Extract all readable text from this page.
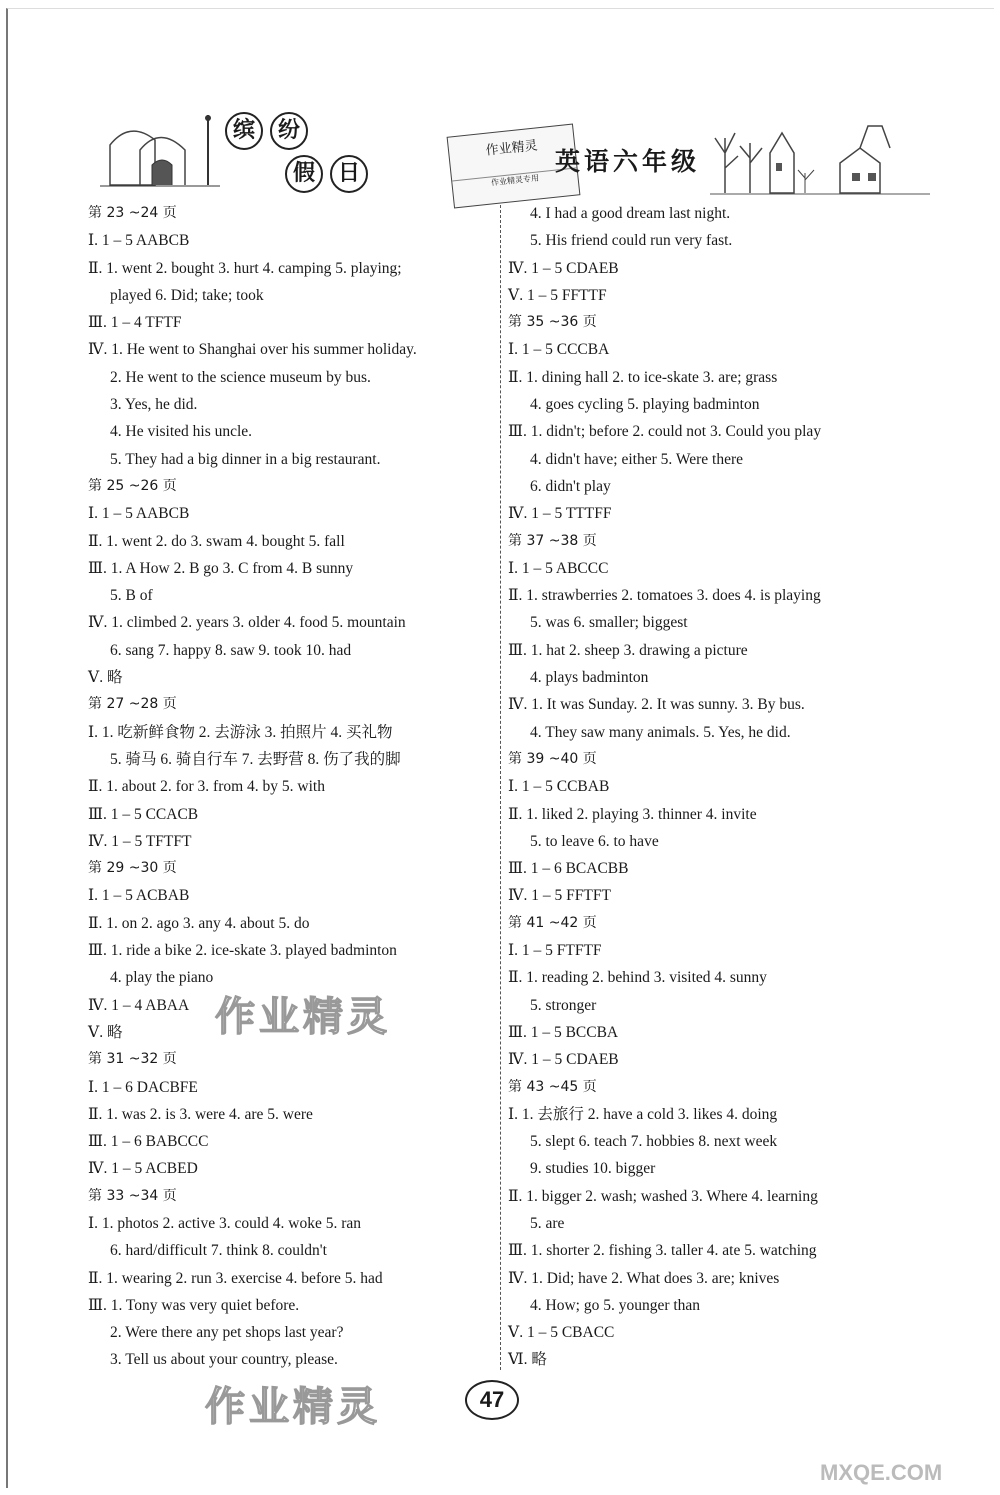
缤	纷
假	日
作业精灵
作业精灵专用
英语六年级
第 23 ~24 页
Ⅰ. 1 – 5 AABCB
Ⅱ. 1. went 2. bought 3. hurt 4. camping 5. playing;
played 6. Did; take; took
Ⅲ. 1 – 4 TFTF
Ⅳ. 1. He went to Shanghai over his summer holiday.
2. He went to the science museum by bus.
3. Yes, he did.
4. He visited his uncle.
5. They had a big dinner in a big restaurant.
第 25 ~26 页
Ⅰ. 1 – 5 AABCB
Ⅱ. 1. went 2. do 3. swam 4. bought 5. fall
Ⅲ. 1. A How 2. B go 3. C from 4. B sunny
5. B of
Ⅳ. 1. climbed 2. years 3. older 4. food 5. mountain
6. sang 7. happy 8. saw 9. took 10. had
Ⅴ. 略
第 27 ~28 页
Ⅰ. 1. 吃新鲜食物 2. 去游泳 3. 拍照片 4. 买礼物
5. 骑马 6. 骑自行车 7. 去野营 8. 伤了我的脚
Ⅱ. 1. about 2. for 3. from 4. by 5. with
Ⅲ. 1 – 5 CCACB
Ⅳ. 1 – 5 TFTFT
第 29 ~30 页
Ⅰ. 1 – 5 ACBAB
Ⅱ. 1. on 2. ago 3. any 4. about 5. do
Ⅲ. 1. ride a bike 2. ice-skate 3. played badminton
4. play the piano
Ⅳ. 1 – 4 ABAA
Ⅴ. 略
第 31 ~32 页
Ⅰ. 1 – 6 DACBFE
Ⅱ. 1. was 2. is 3. were 4. are 5. were
Ⅲ. 1 – 6 BABCCC
Ⅳ. 1 – 5 ACBED
第 33 ~34 页
Ⅰ. 1. photos 2. active 3. could 4. woke 5. ran
6. hard/difficult 7. think 8. couldn't
Ⅱ. 1. wearing 2. run 3. exercise 4. before 5. had
Ⅲ. 1. Tony was very quiet before.
2. Were there any pet shops last year?
3. Tell us about your country, please.
4. I had a good dream last night.
5. His friend could run very fast.
Ⅳ. 1 – 5 CDAEB
Ⅴ. 1 – 5 FFTTF
第 35 ~36 页
Ⅰ. 1 – 5 CCCBA
Ⅱ. 1. dining hall 2. to ice-skate 3. are; grass
4. goes cycling 5. playing badminton
Ⅲ. 1. didn't; before 2. could not 3. Could you play
4. didn't have; either 5. Were there
6. didn't play
Ⅳ. 1 – 5 TTTFF
第 37 ~38 页
Ⅰ. 1 – 5 ABCCC
Ⅱ. 1. strawberries 2. tomatoes 3. does 4. is playing
5. was 6. smaller; biggest
Ⅲ. 1. hat 2. sheep 3. drawing a picture
4. plays badminton
Ⅳ. 1. It was Sunday. 2. It was sunny. 3. By bus.
4. They saw many animals. 5. Yes, he did.
第 39 ~40 页
Ⅰ. 1 – 5 CCBAB
Ⅱ. 1. liked 2. playing 3. thinner 4. invite
5. to leave 6. to have
Ⅲ. 1 – 6 BCACBB
Ⅳ. 1 – 5 FFTFT
第 41 ~42 页
Ⅰ. 1 – 5 FTFTF
Ⅱ. 1. reading 2. behind 3. visited 4. sunny
5. stronger
Ⅲ. 1 – 5 BCCBA
Ⅳ. 1 – 5 CDAEB
第 43 ~45 页
Ⅰ. 1. 去旅行 2. have a cold 3. likes 4. doing
5. slept 6. teach 7. hobbies 8. next week
9. studies 10. bigger
Ⅱ. 1. bigger 2. wash; washed 3. Where 4. learning
5. are
Ⅲ. 1. shorter 2. fishing 3. taller 4. ate 5. watching
Ⅳ. 1. Did; have 2. What does 3. are; knives
4. How; go 5. younger than
Ⅴ. 1 – 5 CBACC
Ⅵ. 略
作业精灵
作业精灵	47
MXQE.COM
